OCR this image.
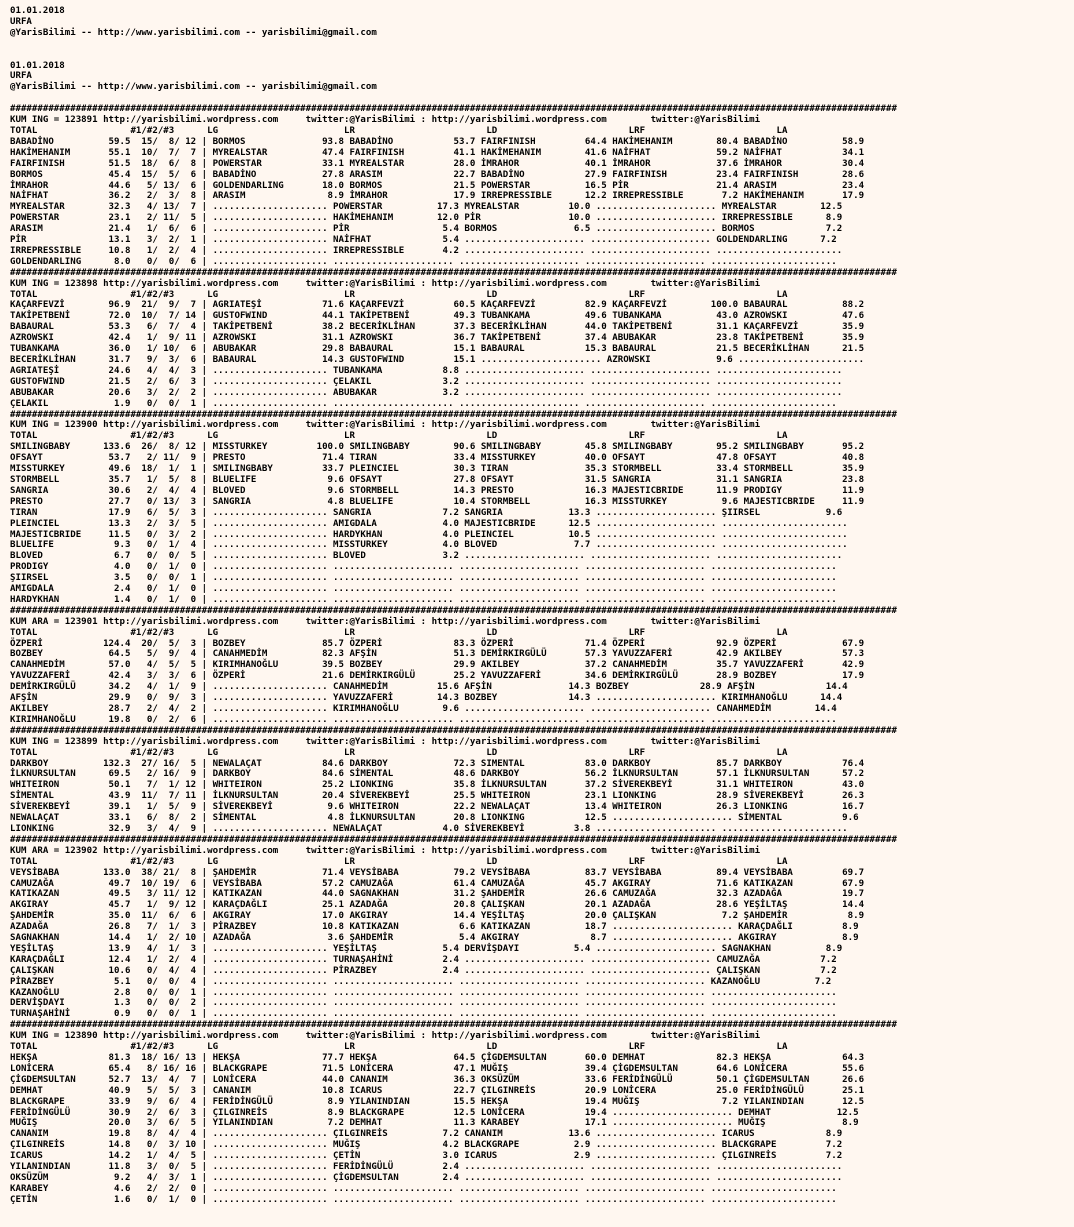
01.01.2018
URFA
@YarisBilimi -- http://www.yarisbilimi.com -- yarisbilimi@gmail.com

01.01.2018
URFA
@YarisBilimi -- http://www.yarisbilimi.com -- yarisbilimi@gmail.com

##################################################################################################################################################################
KUM ING = 123891 http://yarisbilimi.wordpress.com     twitter:@YarisBilimi : http://yarisbilimi.wordpress.com        twitter:@YarisBilimi
TOTAL                 #1/#2/#3      LG                       LR                        LD                        LRF                        LA
BABADİNO          59.5  15/  8/ 12 | BORMOS              93.8 BABADİNO           53.7 FAIRFINISH         64.4 HAKİMEHANIM        80.4 BABADİNO          58.9
HAKİMEHANIM       55.1  10/  7/  7 | MYREALSTAR          47.4 FAIRFINISH         41.1 HAKİMEHANIM        41.6 NAİFHAT            59.2 NAİFHAT           34.1
FAIRFINISH        51.5  18/  6/  8 | POWERSTAR           33.1 MYREALSTAR         28.0 İMRAHOR            40.1 İMRAHOR            37.6 İMRAHOR           30.4
BORMOS            45.4  15/  5/  6 | BABADİNO            27.8 ARASIM             22.7 BABADİNO           27.9 FAIRFINISH         23.4 FAIRFINISH        28.6
İMRAHOR           44.6   5/ 13/  6 | GOLDENDARLING       18.0 BORMOS             21.5 POWERSTAR          16.5 PİR                21.4 ARASIM            23.4
NAİFHAT           36.2   2/  3/  8 | ARASIM               8.9 İMRAHOR            17.9 IRREPRESSIBLE      12.2 IRREPRESSIBLE       7.2 HAKİMEHANIM       17.9
MYREALSTAR        32.3   4/ 13/  7 | ..................... POWERSTAR          17.3 MYREALSTAR         10.0 ...................... MYREALSTAR        12.5
POWERSTAR         23.1   2/ 11/  5 | ..................... HAKİMEHANIM        12.0 PİR                10.0 ...................... IRREPRESSIBLE      8.9
ARASIM            21.4   1/  6/  6 | ..................... PİR                 5.4 BORMOS              6.5 ...................... BORMOS             7.2
PİR               13.1   3/  2/  1 | ..................... NAİFHAT             5.4 ...................... ...................... GOLDENDARLING      7.2
IRREPRESSIBLE     10.8   1/  2/  4 | ..................... IRREPRESSIBLE       4.2 ...................... ...................... .......................
GOLDENDARLING      8.0   0/  0/  6 | ..................... ...................... ...................... ...................... .......................
##################################################################################################################################################################
KUM ING = 123898 http://yarisbilimi.wordpress.com     twitter:@YarisBilimi : http://yarisbilimi.wordpress.com        twitter:@YarisBilimi
TOTAL                 #1/#2/#3      LG                       LR                        LD                        LRF                        LA
KAÇARFEVZİ        96.9  21/  9/  7 | AGRIATEŞİ           71.6 KAÇARFEVZİ         60.5 KAÇARFEVZİ         82.9 KAÇARFEVZİ        100.0 BABAURAL          88.2
TAKİPETBENİ       72.0  10/  7/ 14 | GUSTOFWIND          44.1 TAKİPETBENİ        49.3 TUBANKAMA          49.6 TUBANKAMA          43.0 AZROWSKI          47.6
BABAURAL          53.3   6/  7/  4 | TAKİPETBENİ         38.2 BECERİKLİHAN       37.3 BECERİKLİHAN       44.0 TAKİPETBENİ        31.1 KAÇARFEVZİ        35.9
AZROWSKI          42.4   1/  9/ 11 | AZROWSKI            31.1 AZROWSKI           36.7 TAKİPETBENİ        37.4 ABUBAKAR           23.8 TAKİPETBENİ       35.9
TUBANKAMA         36.0   1/ 10/  6 | ABUBAKAR            29.8 BABAURAL           15.1 BABAURAL           15.3 BABAURAL           21.5 BECERİKLİHAN      21.5
BECERİKLİHAN      31.7   9/  3/  6 | BABAURAL            14.3 GUSTOFWIND         15.1 ...................... AZROWSKI            9.6 .......................
AGRIATEŞİ         24.6   4/  4/  3 | ..................... TUBANKAMA           8.8 ...................... ...................... .......................
GUSTOFWIND        21.5   2/  6/  3 | ..................... ÇELAKIL             3.2 ...................... ...................... .......................
ABUBAKAR          20.6   3/  2/  2 | ..................... ABUBAKAR            3.2 ...................... ...................... .......................
ÇELAKIL            1.9   0/  0/  1 | ..................... ...................... ...................... ...................... .......................
##################################################################################################################################################################
KUM ING = 123900 http://yarisbilimi.wordpress.com     twitter:@YarisBilimi : http://yarisbilimi.wordpress.com        twitter:@YarisBilimi
TOTAL                 #1/#2/#3      LG                       LR                        LD                        LRF                        LA
SMILINGBABY      133.6  26/  8/ 12 | MISSTURKEY         100.0 SMILINGBABY        90.6 SMILINGBABY        45.8 SMILINGBABY        95.2 SMILINGBABY       95.2
OFSAYT            53.7   2/ 11/  9 | PRESTO              71.4 TIRAN              33.4 MISSTURKEY         40.0 OFSAYT             47.8 OFSAYT            40.8
MISSTURKEY        49.6  18/  1/  1 | SMILINGBABY         33.7 PLEINCIEL          30.3 TIRAN              35.3 STORMBELL          33.4 STORMBELL         35.9
STORMBELL         35.7   1/  5/  8 | BLUELIFE             9.6 OFSAYT             27.8 OFSAYT             31.5 SANGRIA            31.1 SANGRIA           23.8
SANGRIA           30.6   2/  4/  4 | BLOVED               9.6 STORMBELL          14.3 PRESTO             16.3 MAJESTICBRIDE      11.9 PRODIGY           11.9
PRESTO            27.7   0/ 13/  3 | SANGRIA              4.8 BLUELIFE           10.4 STORMBELL          16.3 MISSTURKEY          9.6 MAJESTICBRIDE     11.9
TIRAN             17.9   6/  5/  3 | ..................... SANGRIA             7.2 SANGRIA            13.3 ...................... ŞIIRSEL            9.6
PLEINCIEL         13.3   2/  3/  5 | ..................... AMIGDALA            4.0 MAJESTICBRIDE      12.5 ...................... .......................
MAJESTICBRIDE     11.5   0/  3/  2 | ..................... HARDYKHAN           4.0 PLEINCIEL          10.5 ...................... .......................
BLUELIFE           9.3   0/  1/  4 | ..................... MISSTURKEY          4.0 BLOVED              7.7 ...................... .......................
BLOVED             6.7   0/  0/  5 | ..................... BLOVED              3.2 ...................... ...................... .......................
PRODIGY            4.0   0/  1/  0 | ..................... ...................... ...................... ...................... .......................
ŞIIRSEL            3.5   0/  0/  1 | ..................... ...................... ...................... ...................... .......................
AMIGDALA           2.4   0/  1/  0 | ..................... ...................... ...................... ...................... .......................
HARDYKHAN          1.4   0/  1/  0 | ..................... ...................... ...................... ...................... .......................
##################################################################################################################################################################
KUM ARA = 123901 http://yarisbilimi.wordpress.com     twitter:@YarisBilimi : http://yarisbilimi.wordpress.com        twitter:@YarisBilimi
TOTAL                 #1/#2/#3      LG                       LR                        LD                        LRF                        LA
ÖZPERİ           124.4  20/  5/  3 | BOZBEY              85.7 ÖZPERİ             83.3 ÖZPERİ             71.4 ÖZPERİ             92.9 ÖZPERİ            67.9
BOZBEY            64.5   5/  9/  4 | CANAHMEDİM          82.3 AFŞİN              51.3 DEMİRKIRGÜLÜ       57.3 YAVUZZAFERİ        42.9 AKILBEY           57.3
CANAHMEDİM        57.0   4/  5/  5 | KIRIMHANOĞLU        39.5 BOZBEY             29.9 AKILBEY            37.2 CANAHMEDİM         35.7 YAVUZZAFERİ       42.9
YAVUZZAFERİ       42.4   3/  3/  6 | ÖZPERİ              21.6 DEMİRKIRGÜLÜ       25.2 YAVUZZAFERİ        34.6 DEMİRKIRGÜLÜ       28.9 BOZBEY            17.9
DEMİRKIRGÜLÜ      34.2   4/  1/  9 | ..................... CANAHMEDİM         15.6 AFŞİN              14.3 BOZBEY             28.9 AFŞİN             14.4
AFŞİN             29.9   0/  9/  3 | ..................... YAVUZZAFERİ        14.3 BOZBEY             14.3 ...................... KIRIMHANOĞLU      14.4
AKILBEY           28.7   2/  4/  2 | ..................... KIRIMHANOĞLU        9.6 ...................... ...................... CANAHMEDİM        14.4
KIRIMHANOĞLU      19.8   0/  2/  6 | ..................... ...................... ...................... ...................... .......................
##################################################################################################################################################################
KUM ING = 123899 http://yarisbilimi.wordpress.com     twitter:@YarisBilimi : http://yarisbilimi.wordpress.com        twitter:@YarisBilimi
TOTAL                 #1/#2/#3      LG                       LR                        LD                        LRF                        LA
DARKBOY          132.3  27/ 16/  5 | NEWALAÇAT           84.6 DARKBOY            72.3 SIMENTAL           83.0 DARKBOY            85.7 DARKBOY           76.4
İLKNURSULTAN      69.5   2/ 16/  9 | DARKBOY             84.6 SİMENTAL           48.6 DARKBOY            56.2 İLKNURSULTAN       57.1 İLKNURSULTAN      57.2
WHITEIRON         50.1   7/  1/ 12 | WHITEIRON           25.2 LIONKING           35.8 İLKNURSULTAN       37.2 SİVEREKBEYİ        31.1 WHITEIRON         43.0
SİMENTAL          43.9  11/  7/ 11 | İLKNURSULTAN        20.4 SİVEREKBEYİ        25.5 WHITEIRON          23.1 LIONKING           28.9 SİVEREKBEYİ       26.3
SİVEREKBEYİ       39.1   1/  5/  9 | SİVEREKBEYİ          9.6 WHITEIRON          22.2 NEWALAÇAT          13.4 WHITEIRON          26.3 LIONKING          16.7
NEWALAÇAT         33.1   6/  8/  2 | SİMENTAL             4.8 İLKNURSULTAN       20.8 LIONKING           12.5 ...................... SİMENTAL           9.6
LIONKING          32.9   3/  4/  9 | ..................... NEWALAÇAT           4.0 SİVEREKBEYİ         3.8 ...................... .......................
##################################################################################################################################################################
KUM ARA = 123902 http://yarisbilimi.wordpress.com     twitter:@YarisBilimi : http://yarisbilimi.wordpress.com        twitter:@YarisBilimi
TOTAL                 #1/#2/#3      LG                       LR                        LD                        LRF                        LA
VEYSİBABA        133.0  38/ 21/  8 | ŞAHDEMİR            71.4 VEYSİBABA          79.2 VEYSİBABA          83.7 VEYSİBABA          89.4 VEYSİBABA         69.7
CAMUZAĞA          49.7  10/ 19/  6 | VEYSİBABA           57.2 CAMUZAĞA           61.4 CAMUZAĞA           45.7 AKGIRAY            71.6 KATIKAZAN         67.9
KATIKAZAN         49.5   3/ 11/ 12 | KATIKAZAN           44.0 SAGNAKHAN          31.2 ŞAHDEMİR           26.6 CAMUZAĞA           32.3 AZADAĞA           19.7
AKGIRAY           45.7   1/  9/ 12 | KARAÇDAĞLI          25.1 AZADAĞA            20.8 ÇALIŞKAN           20.1 AZADAĞA            28.6 YEŞİLTAŞ          14.4
ŞAHDEMİR          35.0  11/  6/  6 | AKGIRAY             17.0 AKGIRAY            14.4 YEŞİLTAŞ           20.0 ÇALIŞKAN            7.2 ŞAHDEMİR           8.9
AZADAĞA           26.8   7/  1/  3 | PİRAZBEY            10.8 KATIKAZAN           6.6 KATIKAZAN          18.7 ...................... KARAÇDAĞLI         8.9
SAGNAKHAN         14.4   1/  2/ 10 | AZADAĞA              3.6 ŞAHDEMİR            5.4 AKGIRAY             8.7 ...................... AKGIRAY            8.9
YEŞİLTAŞ          13.9   4/  1/  3 | ..................... YEŞİLTAŞ            5.4 DERVİŞDAYI          5.4 ...................... SAGNAKHAN          8.9
KARAÇDAĞLI        12.4   1/  2/  4 | ..................... TURNAŞAHİNİ         2.4 ...................... ...................... CAMUZAĞA           7.2
ÇALIŞKAN          10.6   0/  4/  4 | ..................... PİRAZBEY            2.4 ...................... ...................... ÇALIŞKAN           7.2
PİRAZBEY           5.1   0/  0/  4 | ..................... ...................... ...................... ...................... KAZANOĞLU          7.2
KAZANOĞLU          2.8   0/  0/  1 | ..................... ...................... ...................... ...................... .......................
DERVİŞDAYI         1.3   0/  0/  2 | ..................... ...................... ...................... ...................... .......................
TURNAŞAHİNİ        0.9   0/  0/  1 | ..................... ...................... ...................... ...................... .......................
##################################################################################################################################################################
KUM ING = 123890 http://yarisbilimi.wordpress.com     twitter:@YarisBilimi : http://yarisbilimi.wordpress.com        twitter:@YarisBilimi
TOTAL                 #1/#2/#3      LG                       LR                        LD                        LRF                        LA
HEKŞA             81.3  18/ 16/ 13 | HEKŞA               77.7 HEKŞA              64.5 ÇİGDEMSULTAN       60.0 DEMHAT             82.3 HEKŞA             64.3
LONİCERA          65.4   8/ 16/ 16 | BLACKGRAPE          71.5 LONİCERA           47.1 MUĞIŞ              39.4 ÇİGDEMSULTAN       64.6 LONİCERA          55.6
ÇİGDEMSULTAN      52.7  13/  4/  7 | LONİCERA            44.0 CANANIM            36.3 OKSÜZÜM            33.6 FERİDİNGÜLÜ        50.1 ÇİGDEMSULTAN      26.6
DEMHAT            40.9   5/  5/  3 | CANANIM             10.8 ICARUS             22.7 ÇILGINREİS         20.9 LONİCERA           25.0 FERİDİNGÜLÜ       25.1
BLACKGRAPE        33.9   9/  6/  4 | FERİDİNGÜLÜ          8.9 YILANINDIAN        15.5 HEKŞA              19.4 MUĞIŞ               7.2 YILANINDIAN       12.5
FERİDİNGÜLÜ       30.9   2/  6/  3 | ÇILGINREİS           8.9 BLACKGRAPE         12.5 LONİCERA           19.4 ...................... DEMHAT            12.5
MUĞIŞ             20.0   3/  6/  5 | YILANINDIAN          7.2 DEMHAT             11.3 KARABEY            17.1 ...................... MUĞIŞ              8.9
CANANIM           19.8   8/  4/  4 | ..................... ÇILGINREİS          7.2 CANANIM            13.6 ...................... ICARUS             8.9
ÇILGINREİS        14.8   0/  3/ 10 | ..................... MUĞIŞ               4.2 BLACKGRAPE          2.9 ...................... BLACKGRAPE         7.2
ICARUS            14.2   1/  4/  5 | ..................... ÇETİN               3.0 ICARUS              2.9 ...................... ÇILGINREİS         7.2
YILANINDIAN       11.8   3/  0/  5 | ..................... FERİDİNGÜLÜ         2.4 ...................... ...................... .......................
OKSÜZÜM            9.2   4/  3/  1 | ..................... ÇİGDEMSULTAN        2.4 ...................... ...................... .......................
KARABEY            4.6   2/  2/  0 | ..................... ...................... ...................... ...................... .......................
ÇETİN              1.6   0/  1/  0 | ..................... ...................... ...................... ...................... .......................
